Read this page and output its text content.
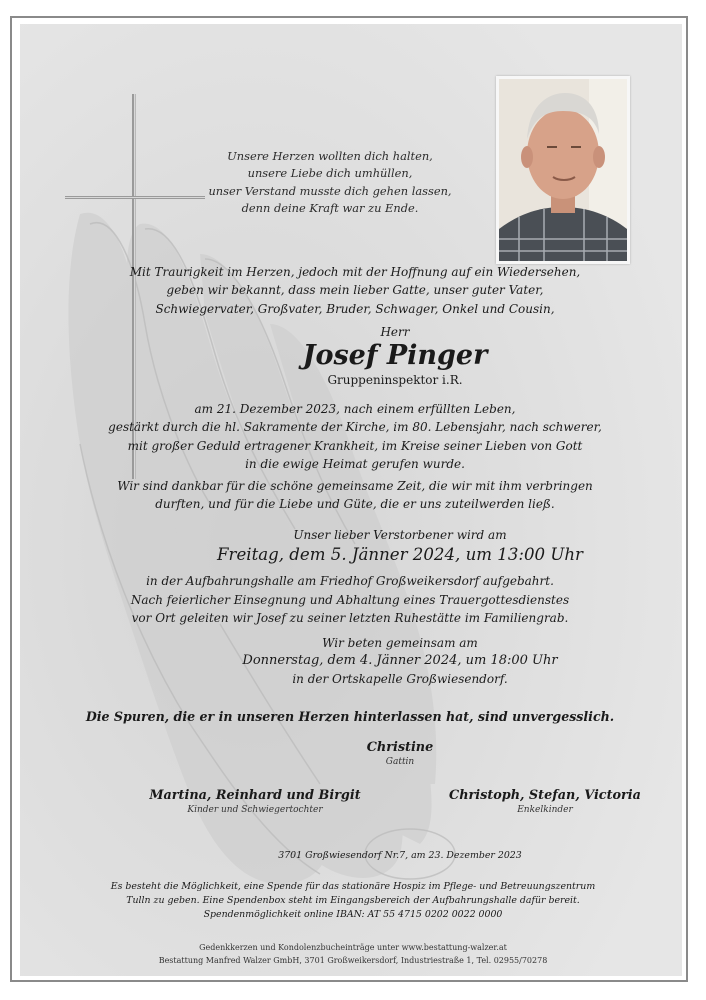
Unsere Herzen wollten dich halten,
unsere Liebe dich umhüllen,
unser Verstand musste dich gehen lassen,
denn deine Kraft war zu Ende.
Mit Traurigkeit im Herzen, jedoch mit der Hoffnung auf ein Wiedersehen,
geben wir bekannt, dass mein lieber Gatte, unser guter Vater,
Schwiegervater, Großvater, Bruder, Schwager, Onkel und Cousin,
Herr
Josef Pinger
Gruppeninspektor i.R.
am 21. Dezember 2023, nach einem erfüllten Leben,
gestärkt durch die hl. Sakramente der Kirche, im 80. Lebensjahr, nach schwerer,
mit großer Geduld ertragener Krankheit, im Kreise seiner Lieben von Gott
in die ewige Heimat gerufen wurde.
Wir sind dankbar für die schöne gemeinsame Zeit, die wir mit ihm verbringen
durften, und für die Liebe und Güte, die er uns zuteilwerden ließ.
Unser lieber Verstorbener wird am
Freitag, dem 5. Jänner 2024, um 13:00 Uhr
in der Aufbahrungshalle am Friedhof Großweikersdorf aufgebahrt.
Nach feierlicher Einsegnung und Abhaltung eines Trauergottesdienstes
vor Ort geleiten wir Josef zu seiner letzten Ruhestätte im Familiengrab.
Wir beten gemeinsam am
Donnerstag, dem 4. Jänner 2024, um 18:00 Uhr
in der Ortskapelle Großwiesendorf.
Die Spuren, die er in unseren Herzen hinterlassen hat, sind unvergesslich.
Christine
Gattin
Martina, Reinhard und Birgit
Kinder und Schwiegertochter
Christoph, Stefan, Victoria
Enkelkinder
3701 Großwiesendorf Nr.7, am 23. Dezember 2023
Es besteht die Möglichkeit, eine Spende für das stationäre Hospiz im Pflege- und Betreuungszentrum
Tulln zu geben. Eine Spendenbox steht im Eingangsbereich der Aufbahrungshalle dafür bereit.
Spendenmöglichkeit online IBAN: AT 55 4715 0202 0022 0000
Gedenkkerzen und Kondolenzbucheinträge unter www.bestattung-walzer.at
Bestattung Manfred Walzer GmbH, 3701 Großweikersdorf, Industriestraße 1, Tel. 02955/70278
